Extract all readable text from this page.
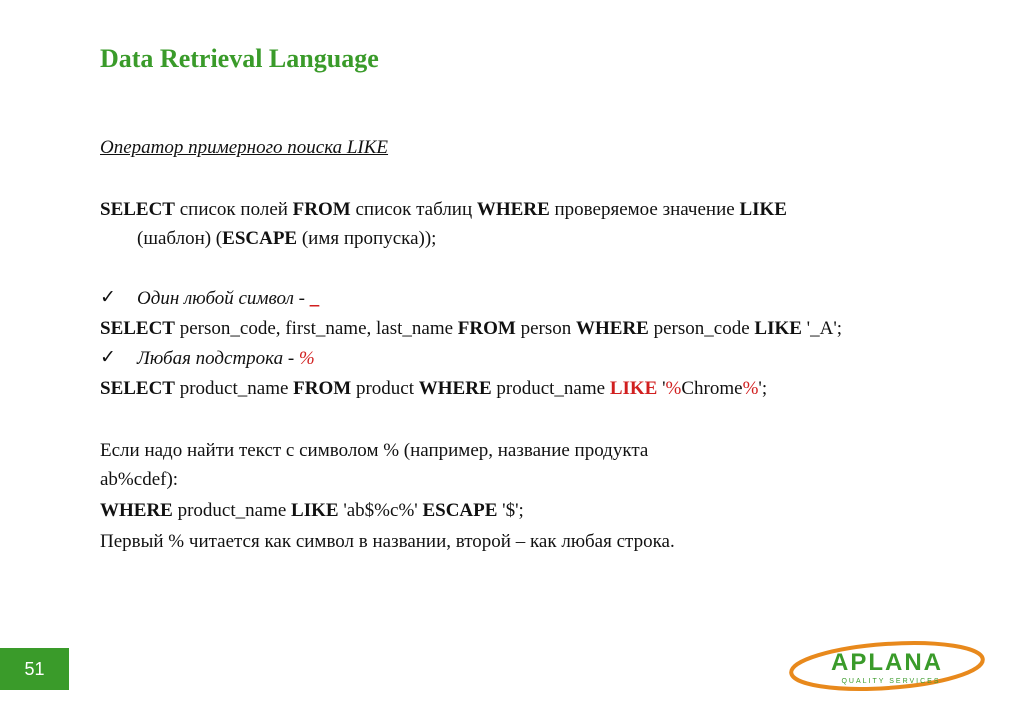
Data Retrieval Language
Оператор примерного поиска LIKE
SELECT список полей FROM список таблиц WHERE проверяемое значение LIKE
(шаблон) (ESCAPE (имя пропуска));
✓ Один любой символ - _
SELECT person_code, first_name, last_name FROM person WHERE person_code LIKE '_A';
✓ Любая подстрока - %
SELECT product_name FROM product WHERE product_name LIKE '%Chrome%';
Если надо найти текст с символом % (например, название продукта
ab%cdef):
WHERE product_name LIKE 'ab$%c%' ESCAPE '$';
Первый % читается как символ в названии, второй – как любая строка.
51	APLANA
QUALITY SERVICES
